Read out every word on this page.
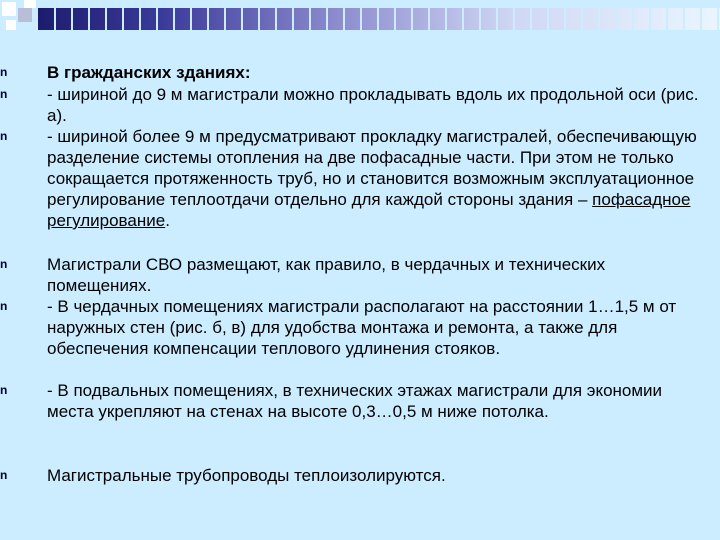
n В гражданских зданиях:
n - шириной до 9 м магистрали можно прокладывать вдоль их продольной оси (рис. а).
n - шириной более 9 м предусматривают прокладку магистралей, обеспечивающую разделение системы отопления на две пофасадные части. При этом не только сокращается протяженность труб, но и становится возможным эксплуатационное регулирование теплоотдачи отдельно для каждой стороны здания – пофасадное регулирование.
n Магистрали СВО размещают, как правило, в чердачных и технических помещениях.
n - В чердачных помещениях магистрали располагают на расстоянии 1…1,5 м от наружных стен (рис. б, в) для удобства монтажа и ремонта, а также для обеспечения компенсации теплового удлинения стояков.
n - В подвальных помещениях, в технических этажах магистрали для экономии места укрепляют на стенах на высоте 0,3…0,5 м ниже потолка.
n Магистральные трубопроводы теплоизолируются.
